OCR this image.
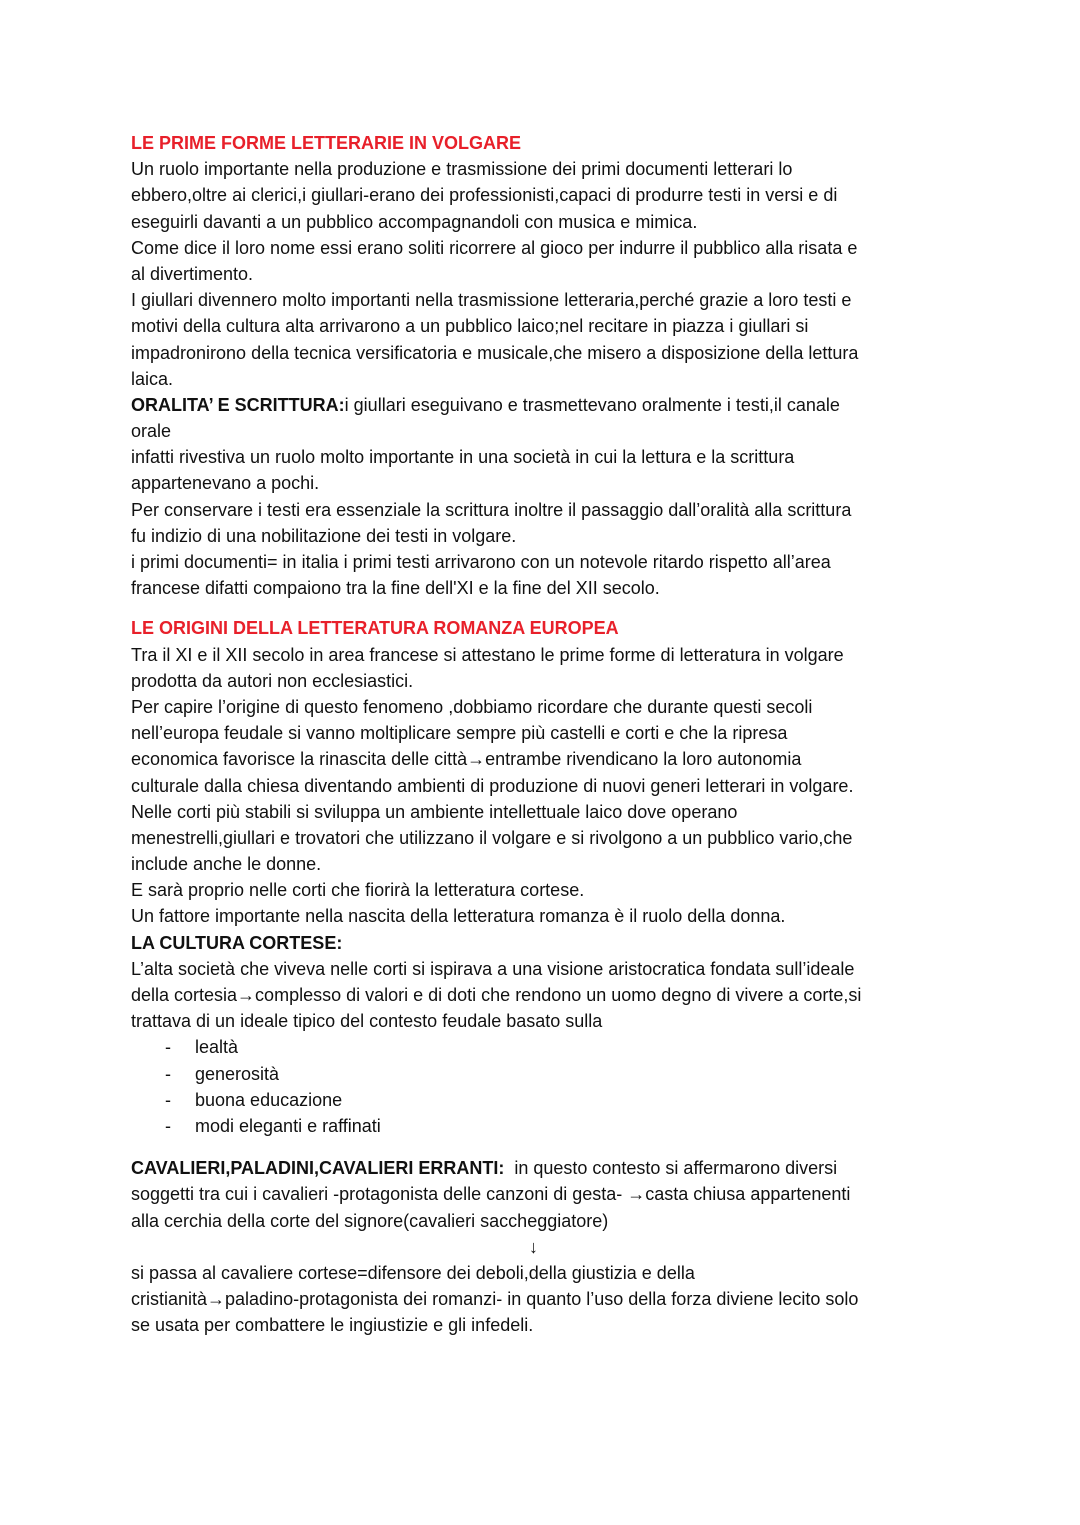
LE PRIME FORME LETTERARIE IN VOLGARE
Un ruolo importante nella produzione e trasmissione dei primi documenti letterari lo
ebbero,oltre ai clerici,i giullari-erano dei professionisti,capaci di produrre testi in versi e di
eseguirli davanti a un pubblico accompagnandoli con musica e mimica.
Come dice il loro nome essi erano soliti ricorrere al gioco per indurre il pubblico alla risata e
al divertimento.
I giullari divennero molto importanti nella trasmissione letteraria,perché grazie a loro testi e
motivi della cultura alta arrivarono a un pubblico laico;nel recitare in piazza i giullari si
impadronirono della tecnica versificatoria e musicale,che misero a disposizione della lettura
laica.
ORALITA’ E SCRITTURA:i giullari eseguivano e trasmettevano oralmente i testi,il canale
orale
infatti rivestiva un ruolo molto importante in una società in cui la lettura e la scrittura
appartenevano a pochi.
Per conservare i testi era essenziale la scrittura inoltre il passaggio dall’oralità alla scrittura
fu indizio di una nobilitazione dei testi in volgare.
i primi documenti= in italia i primi testi arrivarono con un notevole ritardo rispetto all’area
francese difatti compaiono tra la fine dell'XI e la fine del XII secolo.
LE ORIGINI DELLA LETTERATURA ROMANZA EUROPEA
Tra il XI e il XII secolo in area francese si attestano le prime forme di letteratura in volgare
prodotta da autori non ecclesiastici.
Per capire l’origine di questo fenomeno ,dobbiamo ricordare che durante questi secoli
nell’europa feudale si vanno moltiplicare sempre più castelli e corti e che la ripresa
economica favorisce la rinascita delle città→entrambe rivendicano la loro autonomia
culturale dalla chiesa diventando ambienti di produzione di nuovi generi letterari in volgare.
Nelle corti più stabili si sviluppa un ambiente intellettuale laico dove operano
menestrelli,giullari e trovatori che utilizzano il volgare e si rivolgono a un pubblico vario,che
include anche le donne.
E sarà proprio nelle corti che fiorirà la letteratura cortese.
Un fattore importante nella nascita della letteratura romanza è il ruolo della donna.
LA CULTURA CORTESE:
L’alta società che viveva nelle corti si ispirava a una visione aristocratica fondata sull’ideale
della cortesia→complesso di valori e di doti che rendono un uomo degno di vivere a corte,si
trattava di un ideale tipico del contesto feudale basato sulla
- lealtà
- generosità
- buona educazione
- modi eleganti e raffinati
CAVALIERI,PALADINI,CAVALIERI ERRANTI:  in questo contesto si affermarono diversi
soggetti tra cui i cavalieri -protagonista delle canzoni di gesta- →casta chiusa appartenenti
alla cerchia della corte del signore(cavalieri saccheggiatore)
↓
si passa al cavaliere cortese=difensore dei deboli,della giustizia e della
cristianità→paladino-protagonista dei romanzi- in quanto l’uso della forza diviene lecito solo
se usata per combattere le ingiustizie e gli infedeli.
